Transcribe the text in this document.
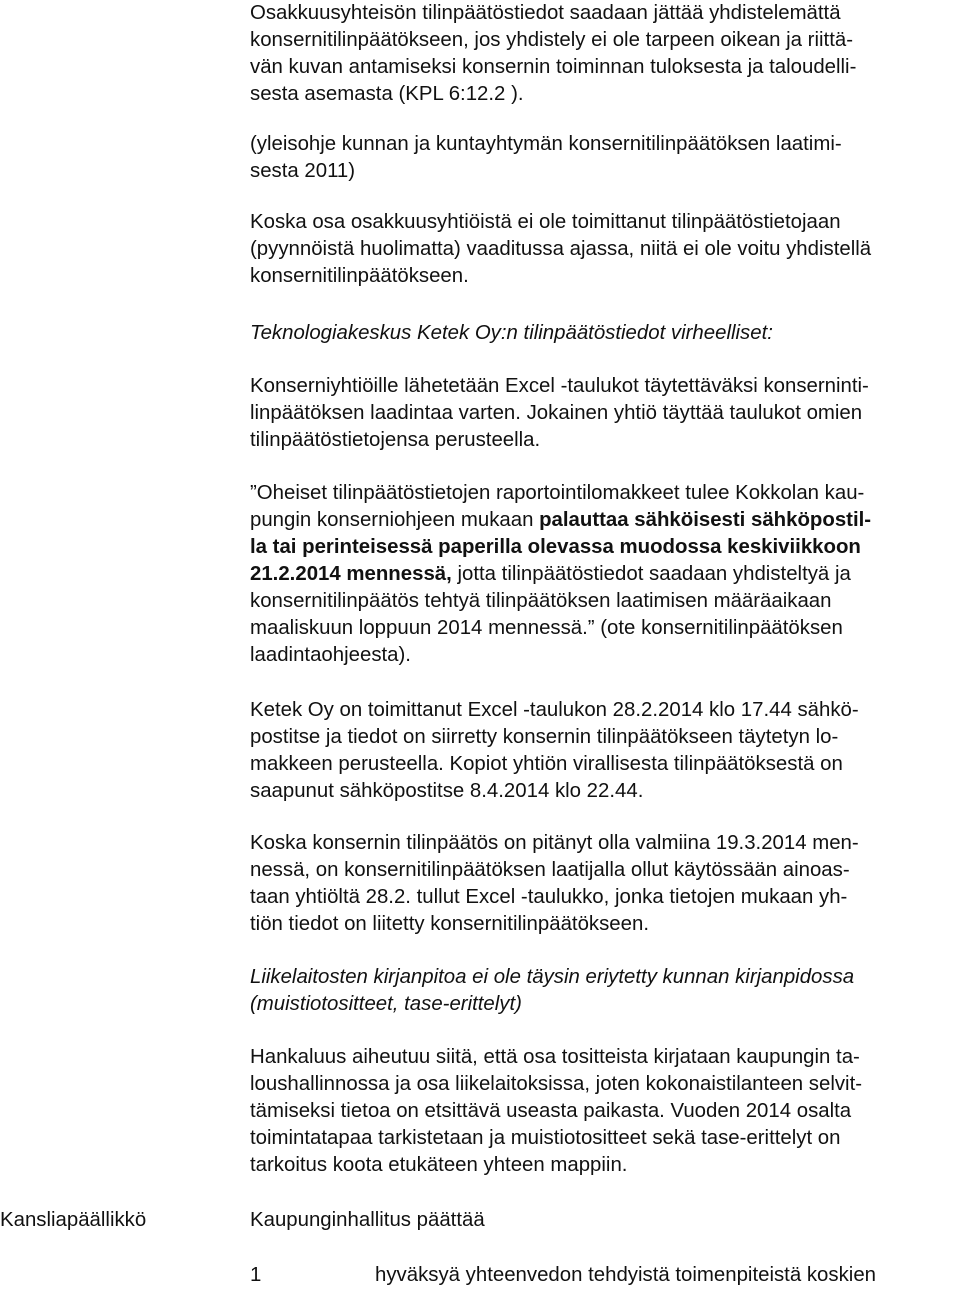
Osakkuusyhteisön tilinpäätöstiedot saadaan jättää yhdistelemättä
konsernitilinpäätökseen, jos yhdistely ei ole tarpeen oikean ja riittä-
vän kuvan antamiseksi konsernin toiminnan tuloksesta ja taloudelli-
sesta asemasta (KPL 6:12.2 ).

(yleisohje kunnan ja kuntayhtymän konsernitilinpäätöksen laatimi-
sesta 2011)

Koska osa osakkuusyhtiöistä ei ole toimittanut tilinpäätöstietojaan
(pyynnöistä huolimatta) vaaditussa ajassa, niitä ei ole voitu yhdistellä
konsernitilinpäätökseen.

Teknologiakeskus Ketek Oy:n tilinpäätöstiedot virheelliset:

Konserniyhtiöille lähetetään Excel -taulukot täytettäväksi konserninti-
linpäätöksen laadintaa varten. Jokainen yhtiö täyttää taulukot omien
tilinpäätöstietojensa perusteella.

”Oheiset tilinpäätöstietojen raportointilomakkeet tulee Kokkolan kau-
pungin konserniohjeen mukaan palauttaa sähköisesti sähköpostil-
la tai perinteisessä paperilla olevassa muodossa keskiviikkoon
21.2.2014 mennessä, jotta tilinpäätöstiedot saadaan yhdisteltyä ja
konsernitilinpäätös tehtyä tilinpäätöksen laatimisen määräaikaan
maaliskuun loppuun 2014 mennessä.” (ote konsernitilinpäätöksen
laadintaohjeesta).

Ketek Oy on toimittanut Excel -taulukon 28.2.2014 klo 17.44 sähkö-
postitse ja tiedot on siirretty konsernin tilinpäätökseen täytetyn lo-
makkeen perusteella. Kopiot yhtiön virallisesta tilinpäätöksestä on
saapunut sähköpostitse 8.4.2014 klo 22.44.

Koska konsernin tilinpäätös on pitänyt olla valmiina 19.3.2014 men-
nessä, on konsernitilinpäätöksen laatijalla ollut käytössään ainoas-
taan yhtiöltä 28.2. tullut Excel -taulukko, jonka tietojen mukaan yh-
tiön tiedot on liitetty konsernitilinpäätökseen.

Liikelaitosten kirjanpitoa ei ole täysin eriytetty kunnan kirjanpidossa
(muistiotositteet, tase-erittelyt)

Hankaluus aiheutuu siitä, että osa tositteista kirjataan kaupungin ta-
loushallinnossa ja osa liikelaitoksissa, joten kokonaistilanteen selvit-
tämiseksi tietoa on etsittävä useasta paikasta. Vuoden 2014 osalta
toimintatapaa tarkistetaan ja muistiotositteet sekä tase-erittelyt on
tarkoitus koota etukäteen yhteen mappiin.

Kansliapäällikkö	Kaupunginhallitus päättää
1	hyväksyä yhteenvedon tehdyistä toimenpiteistä koskien
